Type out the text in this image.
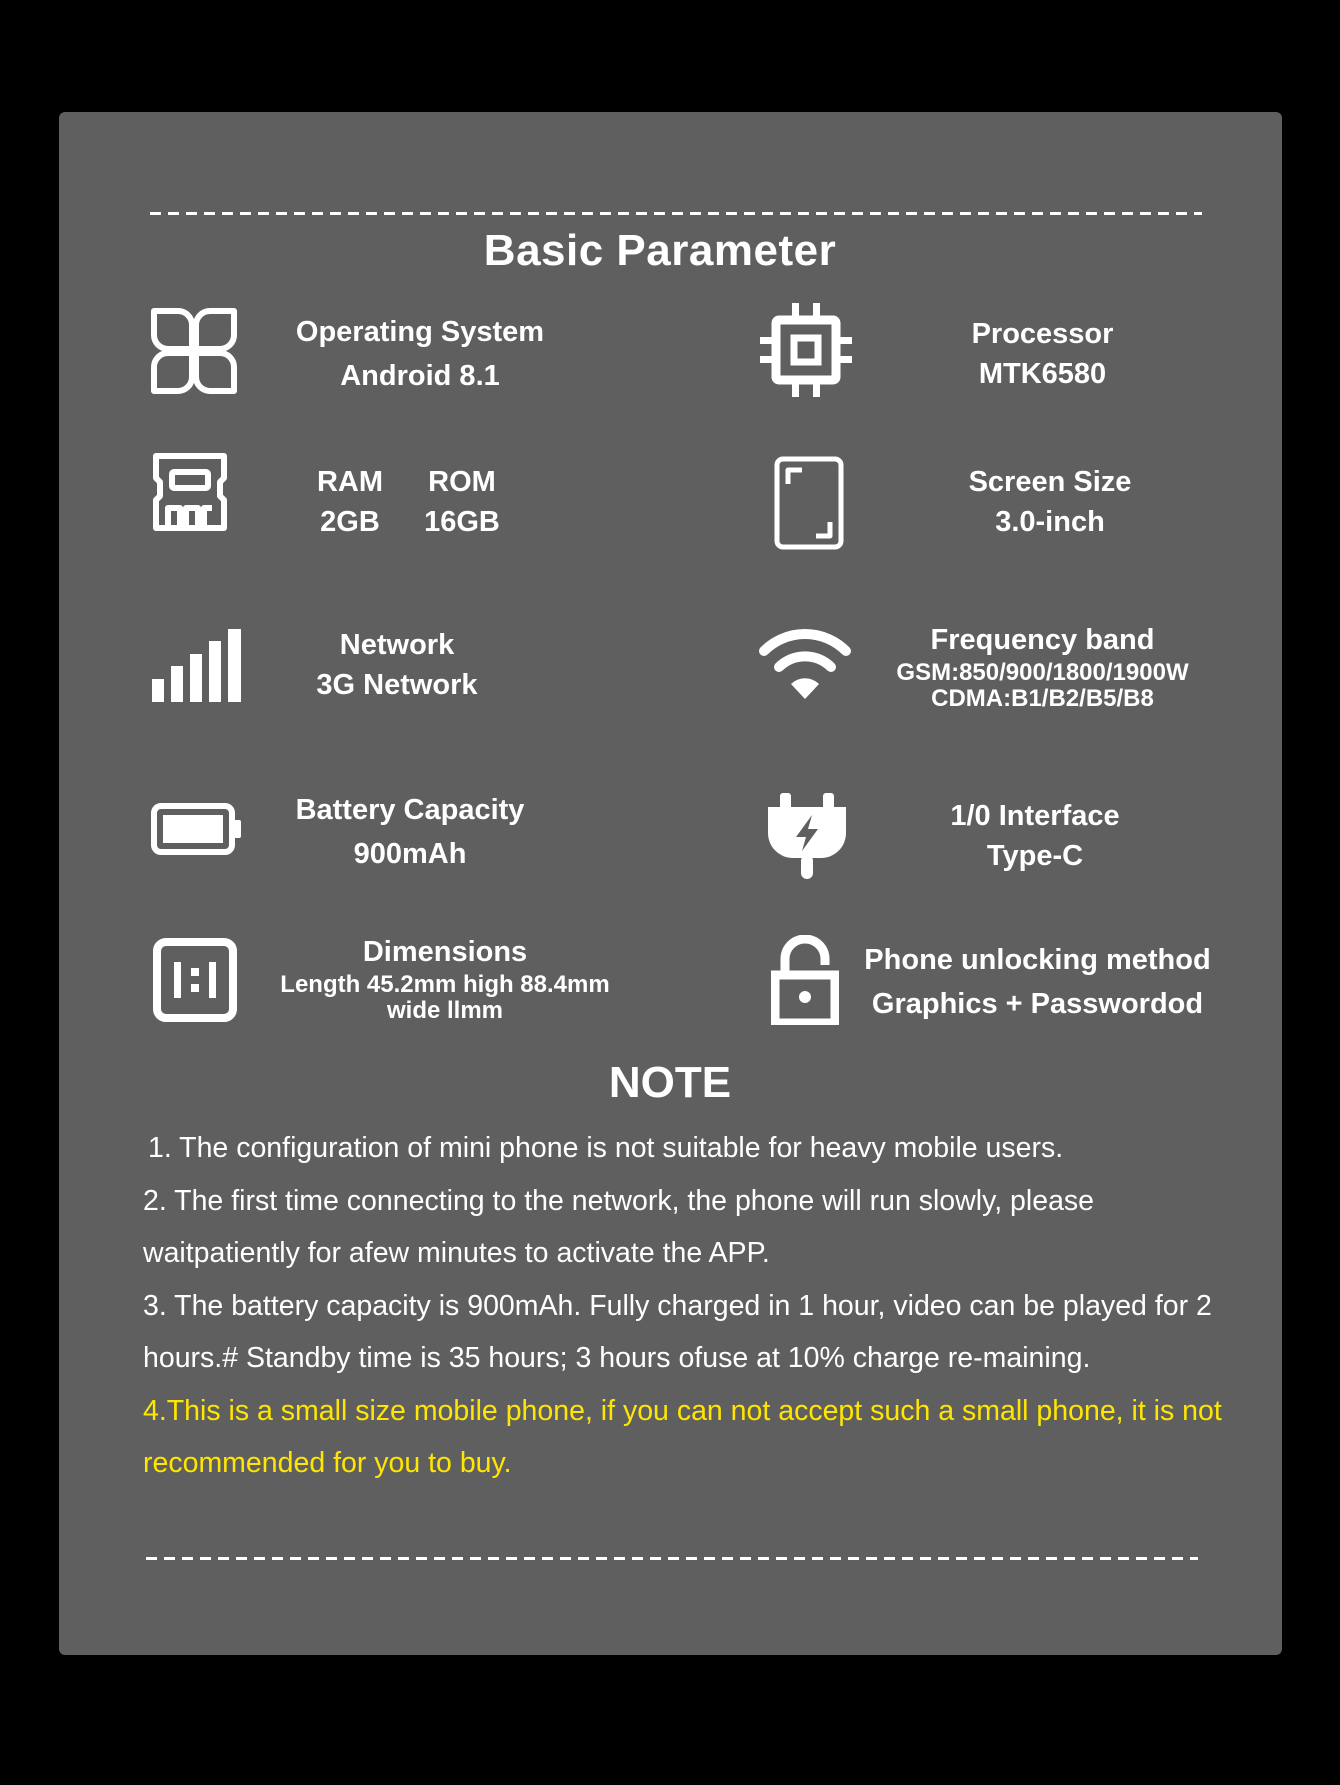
Basic Parameter
Operating System
Android 8.1
Processor
MTK6580
RAM
2GB
ROM
16GB
Screen Size
3.0-inch
Network
3G Network
Frequency band
GSM:850/900/1800/1900W
CDMA:B1/B2/B5/B8
Battery Capacity
900mAh
1/0 Interface
Type-C
Dimensions
Length 45.2mm high 88.4mm
wide llmm
Phone unlocking method
Graphics + Passwordod
NOTE

1. The configuration of mini phone is not suitable for heavy mobile users.

2. The first time connecting to the network, the phone will run slowly, please waitpatiently for afew minutes to activate the APP.

3. The battery capacity is 900mAh. Fully charged in 1 hour, video can be played for 2 hours.# Standby time is 35 hours; 3 hours ofuse at 10% charge re-maining.

4.This is a small size mobile phone, if you can not accept such a small phone, it is not recommended for you to buy.
